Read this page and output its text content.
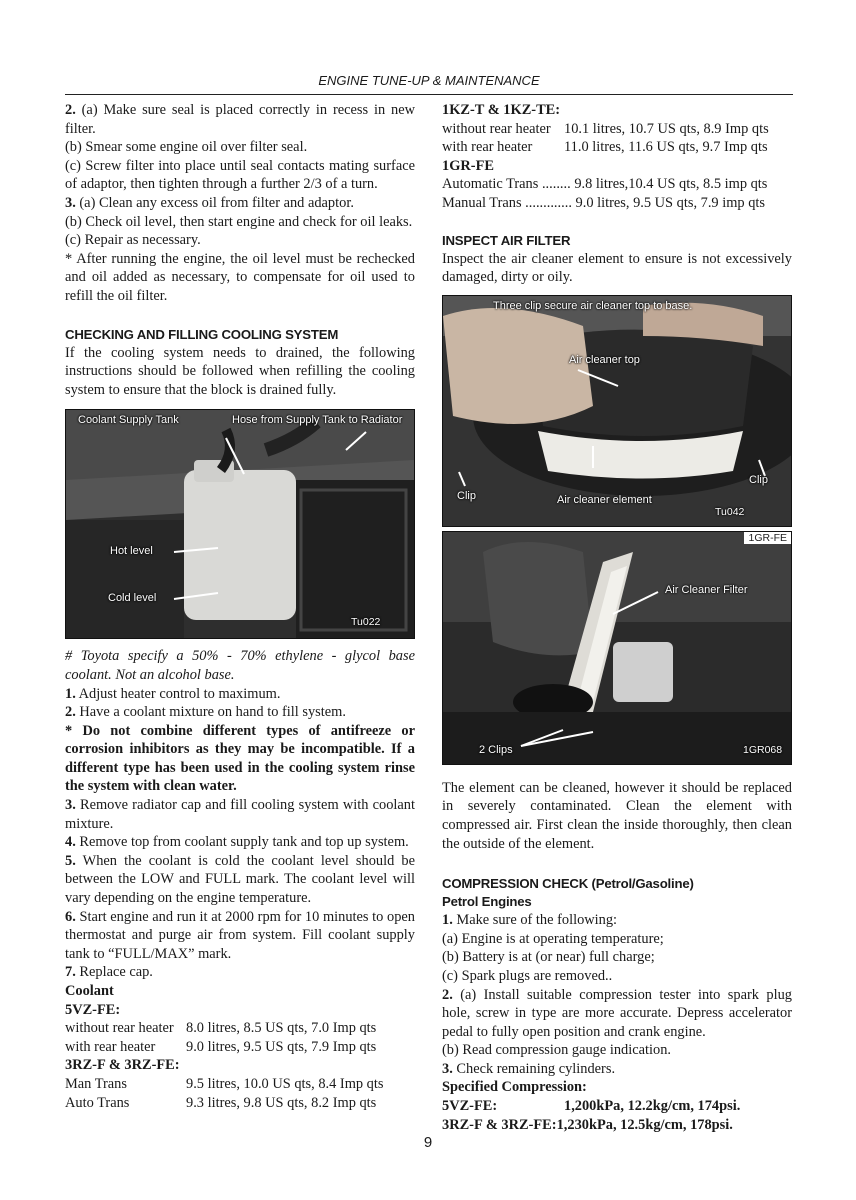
ENGINE TUNE-UP & MAINTENANCE

2. (a) Make sure seal is placed correctly in recess in new filter.

(b) Smear some engine oil over filter seal.

(c) Screw filter into place until seal contacts mating surface of adaptor, then tighten through a further 2/3 of a turn.

3. (a) Clean any excess oil from filter and adaptor.

(b) Check oil level, then start engine and check for oil leaks.

(c) Repair as necessary.

* After running the engine, the oil level must be rechecked and oil added as necessary, to compensate for oil used to refill the oil filter.

CHECKING AND FILLING COOLING SYSTEM

If the cooling system needs to drained, the following instructions should be followed when refilling the cooling system to ensure that the block is drained fully.

Coolant Supply Tank	Hose from Supply Tank to Radiator
Hot level
Cold level
Tu022

# Toyota specify a 50% - 70% ethylene - glycol base coolant. Not an alcohol base.

1. Adjust heater control to maximum.

2. Have a coolant mixture on hand to fill system.

* Do not combine different types of antifreeze or corrosion inhibitors as they may be incompatible. If a different type has been used in the cooling system rinse the system with clean water.

3. Remove radiator cap and fill cooling system with coolant mixture.

4. Remove top from coolant supply tank and top up system.

5. When the coolant is cold the coolant level should be between the LOW and FULL mark. The coolant level will vary depending on the engine temperature.

6. Start engine and run it at 2000 rpm for 10 minutes to open thermostat and purge air from system. Fill coolant supply tank to “FULL/MAX” mark.

7. Replace cap.

Coolant

5VZ-FE:

without rear heater 8.0 litres, 8.5 US qts, 7.0 Imp qts
with rear heater	9.0 litres, 9.5 US qts, 7.9 Imp qts

3RZ-F & 3RZ-FE:

Man Trans	9.5 litres, 10.0 US qts, 8.4 Imp qts
Auto Trans	9.3 litres, 9.8 US qts, 8.2 Imp qts

1KZ-T & 1KZ-TE:

without rear heater 10.1 litres, 10.7 US qts, 8.9 Imp qts
with rear heater	11.0 litres, 11.6 US qts, 9.7 Imp qts

1GR-FE

Automatic Trans ........ 9.8 litres,10.4 US qts, 8.5 imp qts

Manual Trans ............. 9.0 litres, 9.5 US qts, 7.9 imp qts

INSPECT AIR FILTER

Inspect the air cleaner element to ensure is not excessively damaged, dirty or oily.

Three clip secure air cleaner top to base.
Air cleaner top
Clip
Clip
Air cleaner element
Tu042
1GR-FE
Air Cleaner Filter
2 Clips	1GR068

The element can be cleaned, however it should be replaced in severely contaminated. Clean the element with compressed air. First clean the inside thoroughly, then clean the outside of the element.

COMPRESSION CHECK (Petrol/Gasoline)

Petrol Engines

1. Make sure of the following:

(a) Engine is at operating temperature;

(b) Battery is at (or near) full charge;

(c) Spark plugs are removed..

2. (a) Install suitable compression tester into spark plug hole, screw in type are more accurate. Depress accelerator pedal to fully open position and crank engine.

(b) Read compression gauge indication.

3. Check remaining cylinders.

Specified Compression:

5VZ-FE:	1,200kPa, 12.2kg/cm, 174psi.
3RZ-F & 3RZ-FE: 1,230kPa, 12.5kg/cm, 178psi.
9
